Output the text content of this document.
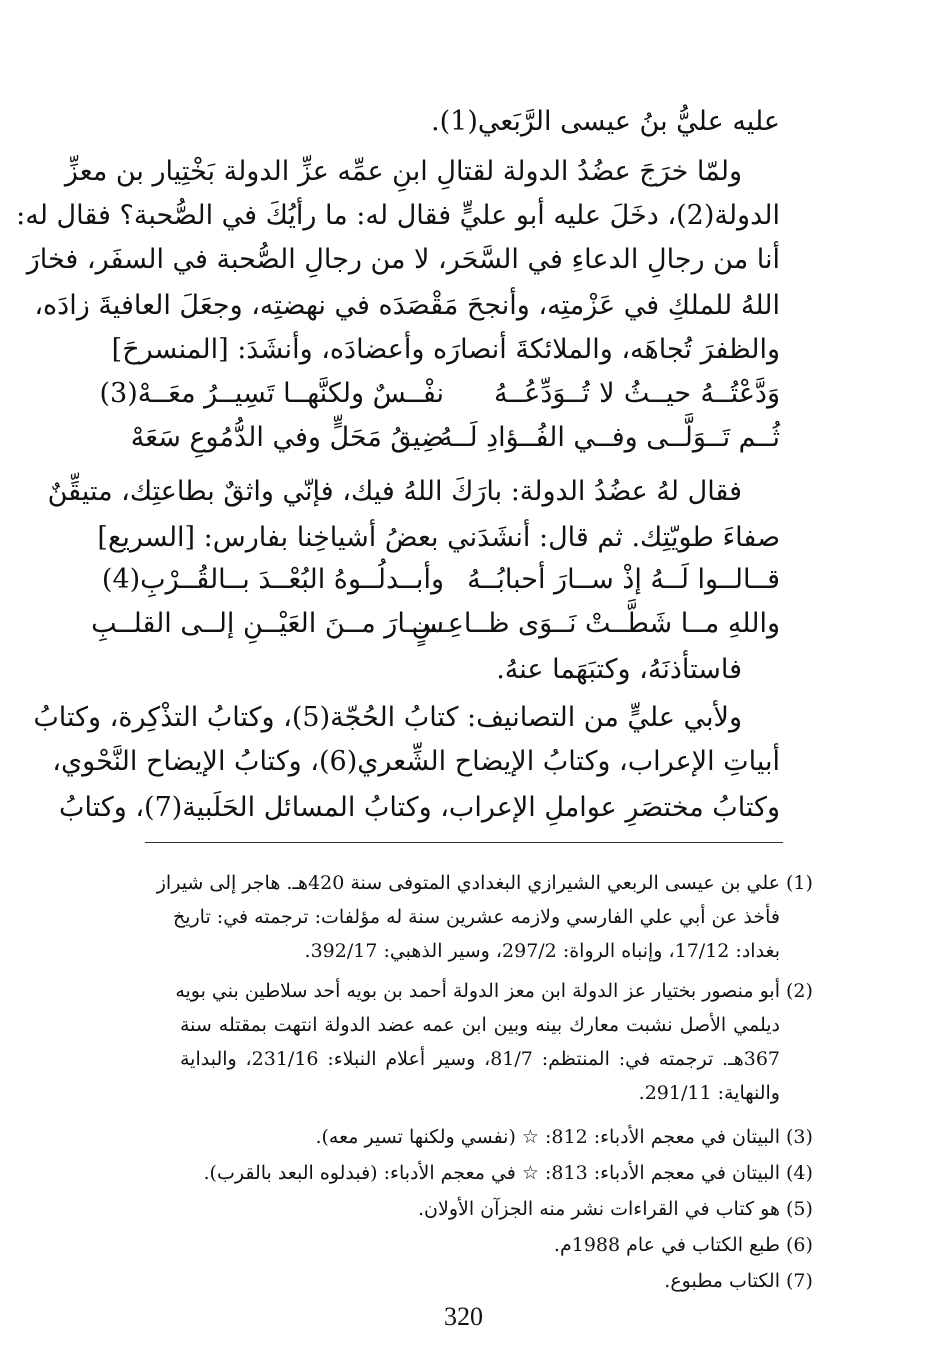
عليه عليُّ بنُ عيسى الرَّبَعي(1).
ولمّا خرَجَ عضُدُ الدولة لقتالِ ابنِ عمِّه عزِّ الدولة بَخْتِيار بن معزِّ
الدولة(2)، دخَلَ عليه أبو عليٍّ فقال له: ما رأيُكَ في الصُّحبة؟ فقال له:
أنا من رجالِ الدعاءِ في السَّحَر، لا من رجالِ الصُّحبة في السفَر، فخارَ
اللهُ للملكِ في عَزْمتِه، وأنجحَ مَقْصَدَه في نهضتِه، وجعَلَ العافيةَ زادَه،
والظفرَ تُجاهَه، والملائكةَ أنصارَه وأعضادَه، وأنشَدَ: [المنسرحَ]
وَدَّعْتُــهُ حيــثُ لا تُــوَدِّعُــهُ
نفْــسٌ ولكنَّهــا تَسِيــرُ معَــهْ(3)
ثُــم تَــوَلَّــى وفــي الفُــؤادِ لَــهُ
ضِيقُ مَحَلٍّ وفي الدُّمُوعِ سَعَهْ
فقال لهُ عضُدُ الدولة: بارَكَ اللهُ فيك، فإنّي واثقٌ بطاعتِك، متيقِّنٌ
صفاءَ طويّتِك. ثم قال: أنشَدَني بعضُ أشياخِنا بفارس: [السريع]
قــالــوا لَــهُ إذْ ســارَ أحبابُــهُ
وأبــدلُــوهُ البُعْــدَ بــالقُــرْبِ(4)
واللهِ مــا شَطَّــتْ نَــوَى ظــاعِــنٍ
ســارَ مــنَ العَيْــنِ إلــى القلــبِ
فاستأذنَهُ، وكتبَهَما عنهُ.
ولأبي عليٍّ من التصانيف: كتابُ الحُجّة(5)، وكتابُ التذْكِرة، وكتابُ
أبياتِ الإعراب، وكتابُ الإيضاح الشِّعري(6)، وكتابُ الإيضاح النَّحْوي،
وكتابُ مختصَرِ عواملِ الإعراب، وكتابُ المسائل الحَلَبية(7)، وكتابُ
(1)
علي بن عيسى الربعي الشيرازي البغدادي المتوفى سنة 420هـ. هاجر إلى شيراز
فأخذ عن أبي علي الفارسي ولازمه عشرين سنة له مؤلفات: ترجمته في: تاريخ
بغداد: 17/12، وإنباه الرواة: 297/2، وسير الذهبي: 392/17.
(2)
أبو منصور بختيار عز الدولة ابن معز الدولة أحمد بن بويه أحد سلاطين بني بويه
ديلمي الأصل نشبت معارك بينه وبين ابن عمه عضد الدولة انتهت بمقتله سنة
367هـ. ترجمته في: المنتظم: 81/7، وسير أعلام النبلاء: 231/16، والبداية
والنهاية: 291/11.
(3)
البيتان في معجم الأدباء: 812: ☆ (نفسي ولكنها تسير معه).
(4)
البيتان في معجم الأدباء: 813: ☆ في معجم الأدباء: (فبدلوه البعد بالقرب).
(5)
هو كتاب في القراءات نشر منه الجزآن الأولان.
(6)
طبع الكتاب في عام 1988م.
(7)
الكتاب مطبوع.
320
